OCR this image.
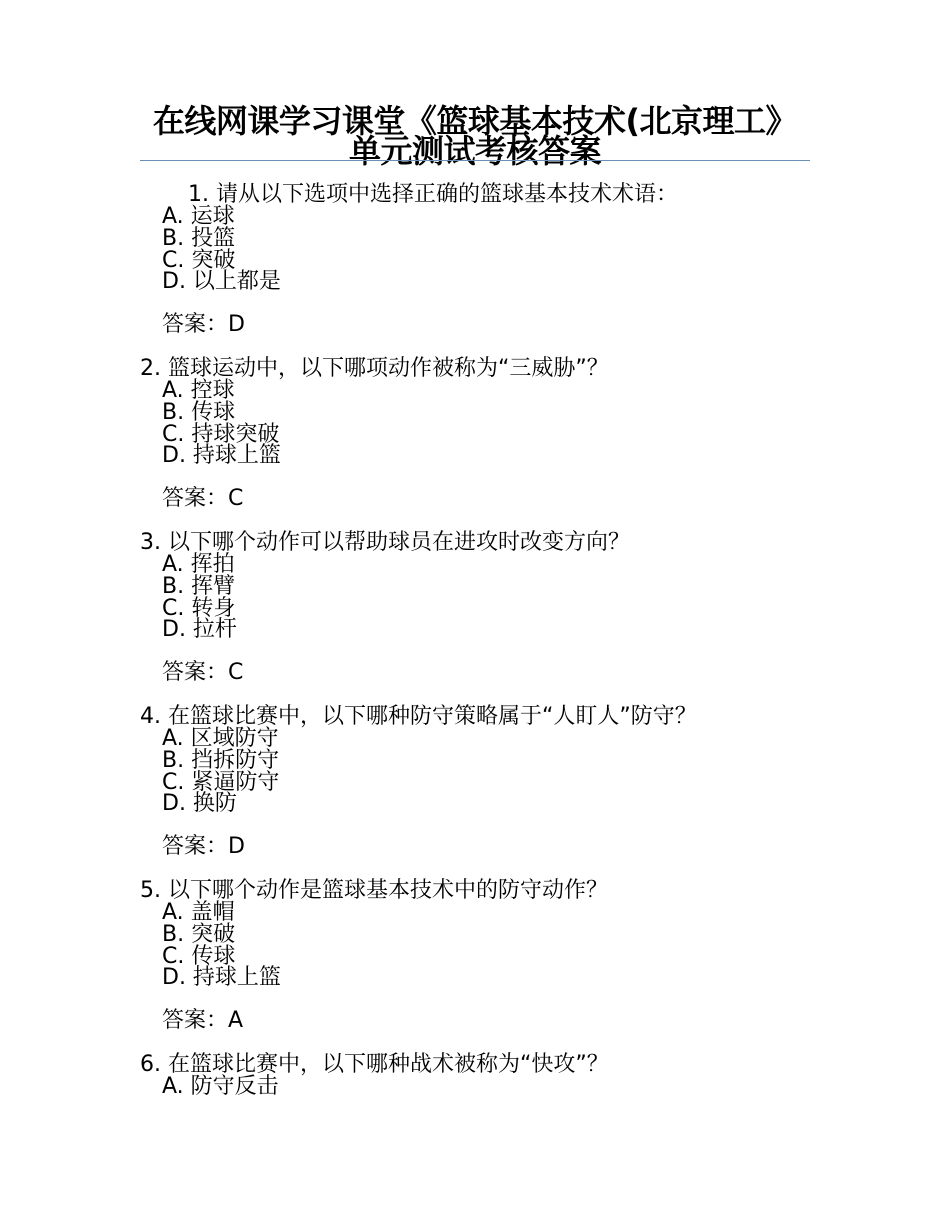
在线网课学习课堂《篮球基本技术(北京理工》单元测试考核答案
1. 请从以下选项中选择正确的篮球基本技术术语：
A. 运球
B. 投篮
C. 突破
D. 以上都是
答案：D
2. 篮球运动中，以下哪项动作被称为“三威胁”？
A. 控球
B. 传球
C. 持球突破
D. 持球上篮
答案：C
3. 以下哪个动作可以帮助球员在进攻时改变方向？
A. 挥拍
B. 挥臂
C. 转身
D. 拉杆
答案：C
4. 在篮球比赛中，以下哪种防守策略属于“人盯人”防守？
A. 区域防守
B. 挡拆防守
C. 紧逼防守
D. 换防
答案：D
5. 以下哪个动作是篮球基本技术中的防守动作？
A. 盖帽
B. 突破
C. 传球
D. 持球上篮
答案：A
6. 在篮球比赛中，以下哪种战术被称为“快攻”？
A. 防守反击
